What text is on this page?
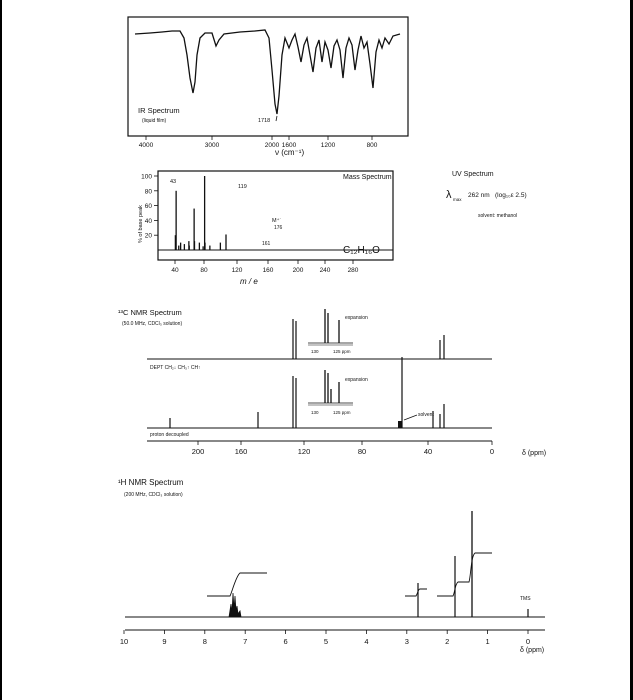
IR Spectrum
(liquid film)	1718
4000	3000	2000 1600	1200	800
ν (cm⁻¹)
Mass Spectrum
% of base peak
100
80
60
40
20
40	80	120	160	200 240	280
43
119
M⁺˙
176
161
C₁₂H₁₆O
m / e
UV Spectrum
λ max
262 nm (log₁₀ε 2.5)
solvent: methanol
¹³C NMR Spectrum
(50.0 MHz, CDCl₃ solution)
DEPT CH₂↓ CH₃↑ CH↑
expansion
130	125 ppm
proton decoupled
solvent
expansion
130	125 ppm
200	160	120	80	40	0	δ (ppm)
¹H NMR Spectrum
(200 MHz, CDCl₃ solution)
TMS
10	9	8	7	6	5	4	3	2	1	0
δ (ppm)
